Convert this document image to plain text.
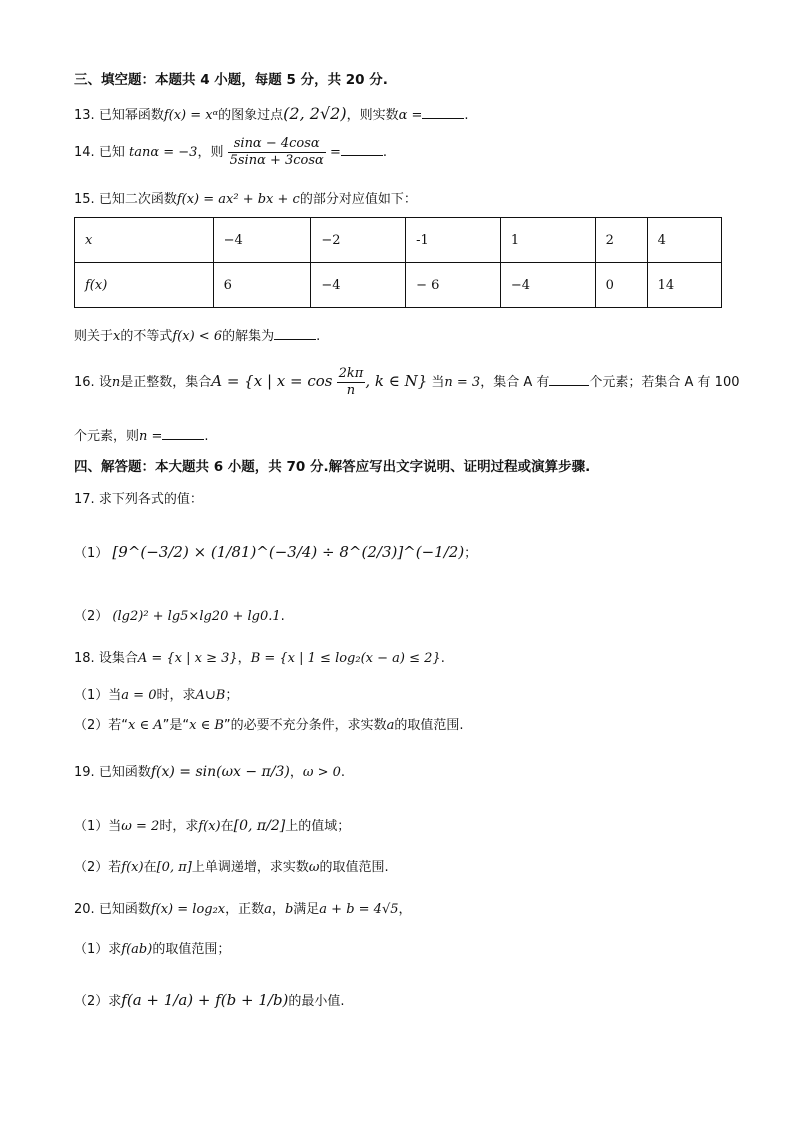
三、填空题：本题共 4 小题，每题 5 分，共 20 分.
13. 已知幂函数f(x) = xᵅ的图象过点(2, 2√2)，则实数α =	.
14. 已知 tanα = −3，则 $\frac{\sin\alpha - 4\cos\alpha}{5\sin\alpha + 3\cos\alpha}$ =	.
15. 已知二次函数f(x) = ax² + bx + c的部分对应值如下：
x	−4	−2	-1	1	2	4
f(x)	6	−4	− 6	−4	0	14
则关于x的不等式f(x) < 6的解集为	.
16. 设n是正整数，集合A = {x | $x = \cos \frac{2k\pi}{n}$ , k ∈ N} 当n = 3，集合 A 有	个元素；若集合 A 有 100
个元素，则n =	.
四、解答题：本大题共 6 小题，共 70 分.解答应写出文字说明、证明过程或演算步骤.
17. 求下列各式的值：
（1） [9^(−3/2) × (1/81)^(−3/4) ÷ 8^(2/3)]^(−1/2)；
（2） (lg2)² + lg5×lg20 + lg0.1.
18. 设集合A = {x | x ≥ 3}，B = {x | 1 ≤ log₂(x − a) ≤ 2}.
（1）当a = 0时，求A∪B；
（2）若“x ∈ A”是“x ∈ B”的必要不充分条件，求实数a的取值范围.
19. 已知函数f(x) = sin(ωx − π/3)，ω > 0.
（1）当ω = 2时，求f(x)在[0, π/2]上的值域；
（2）若f(x)在[0, π]上单调递增，求实数ω的取值范围.
20. 已知函数f(x) = log₂x，正数a，b满足a + b = 4√5，
（1）求f(ab)的取值范围；
（2）求f(a + 1/a) + f(b + 1/b)的最小值.
